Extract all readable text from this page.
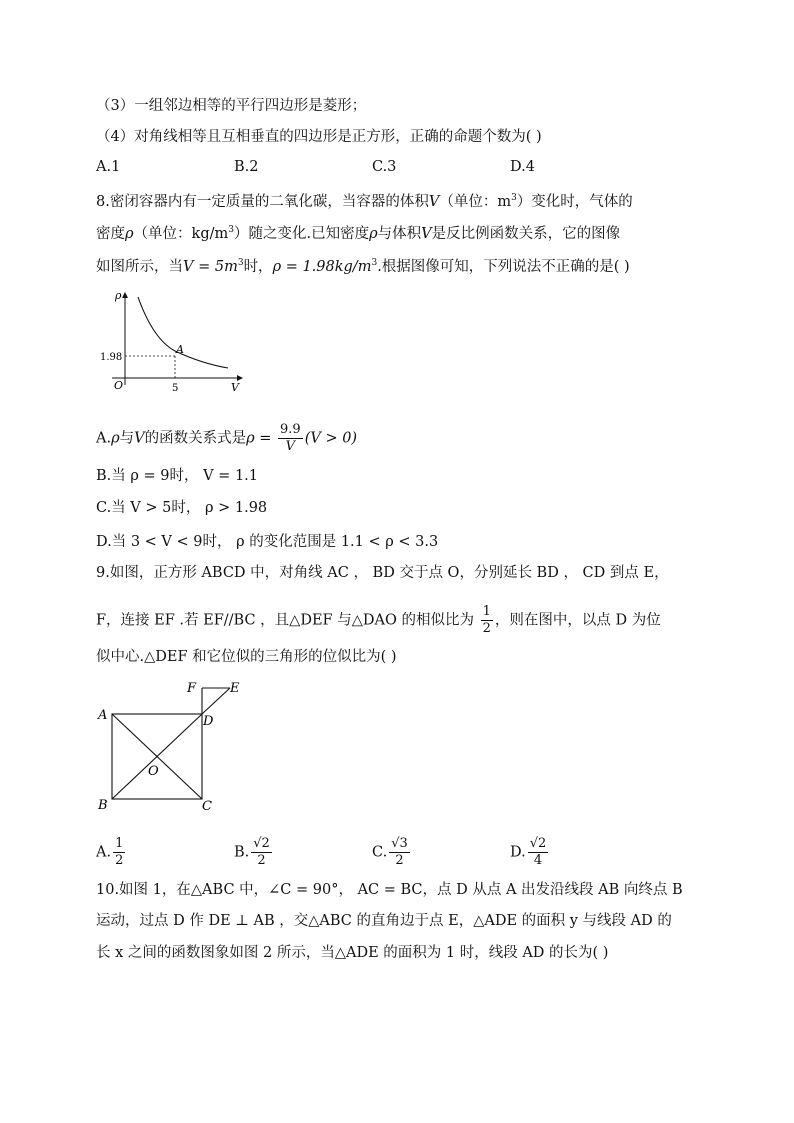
（3）一组邻边相等的平行四边形是菱形；
（4）对角线相等且互相垂直的四边形是正方形，正确的命题个数为( )
A.1	B.2	C.3	D.4
8.密闭容器内有一定质量的二氧化碳，当容器的体积V（单位：$m^3$）变化时，气体的
密度ρ（单位：$kg/m^3$）随之变化.已知密度ρ与体积V是反比例函数关系，它的图像
如图所示，当$V = 5m^3$时，$\rho = 1.98kg/m^3$.根据图像可知，下列说法不正确的是( )
ρ
V
O
1.98
5
A
A.ρ与V的函数关系式是$\rho = \frac{9.9}{V} (V > 0)$
B.当 ρ = 9时， V = 1.1
C.当 V > 5时， ρ > 1.98
D.当 3 < V < 9时， ρ 的变化范围是 1.1 < ρ < 3.3
9.如图，正方形 ABCD 中，对角线 AC ， BD 交于点 O，分别延长 BD ， CD 到点 E，
F，连接 EF .若 EF//BC ，且△DEF 与△DAO 的相似比为 $\frac{1}{2}$ ，则在图中，以点 D 为位
似中心.△DEF 和它位似的三角形的位似比为( )
A
B	C
D
O
E
F
A. $\frac{1}{2}$	B. $\frac{√2}{2}$	C. $\frac{√3}{2}$	D. $\frac{√2}{4}$
10.如图 1，在△ABC 中，∠C = 90°， AC = BC，点 D 从点 A 出发沿线段 AB 向终点 B
运动，过点 D 作 DE ⊥ AB ，交△ABC 的直角边于点 E，△ADE 的面积 y 与线段 AD 的
长 x 之间的函数图象如图 2 所示，当△ADE 的面积为 1 时，线段 AD 的长为( )
